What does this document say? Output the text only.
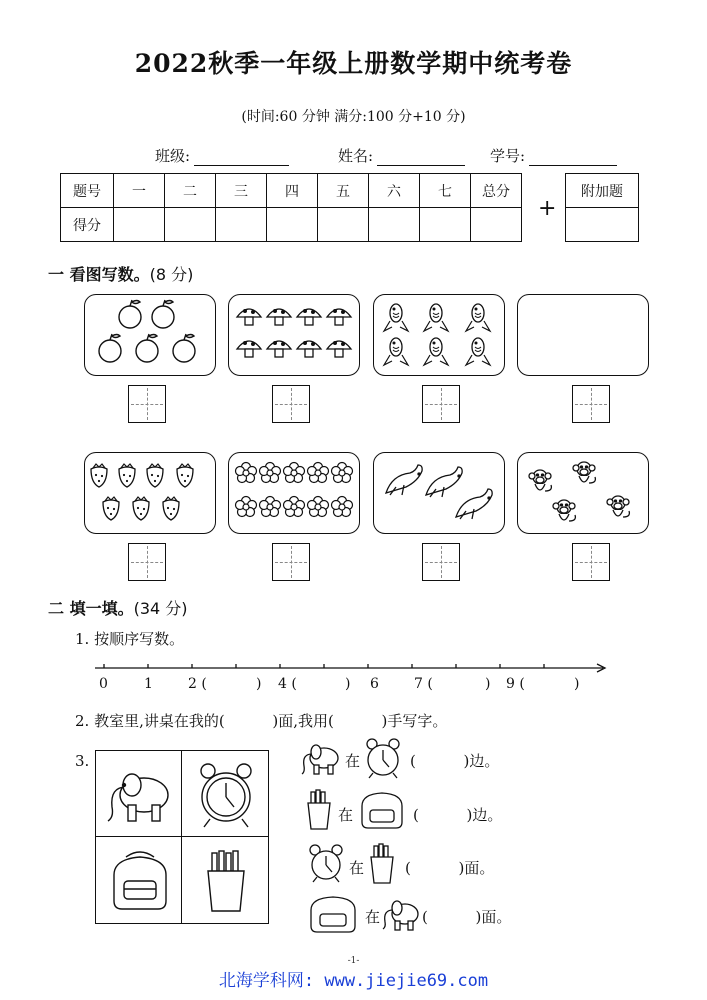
2022秋季一年级上册数学期中统考卷
(时间:60 分钟 满分:100 分+10 分)
班级:	姓名:	学号:
题号	一	二	三	四	五	六	七	总分
得分								
+
附加题

一 看图写数。(8 分)
二 填一填。(34 分)
1. 按顺序写数。
0	1	2 (	) 4 (	) 6	7 (	) 9 (	)
2. 教室里,讲桌在我的(          )面,我用(          )手写字。
3.	在	(          )边。
在	(          )边。
在	(          )面。
在	(          )面。
-1-
北海学科网: www.jiejie69.com
